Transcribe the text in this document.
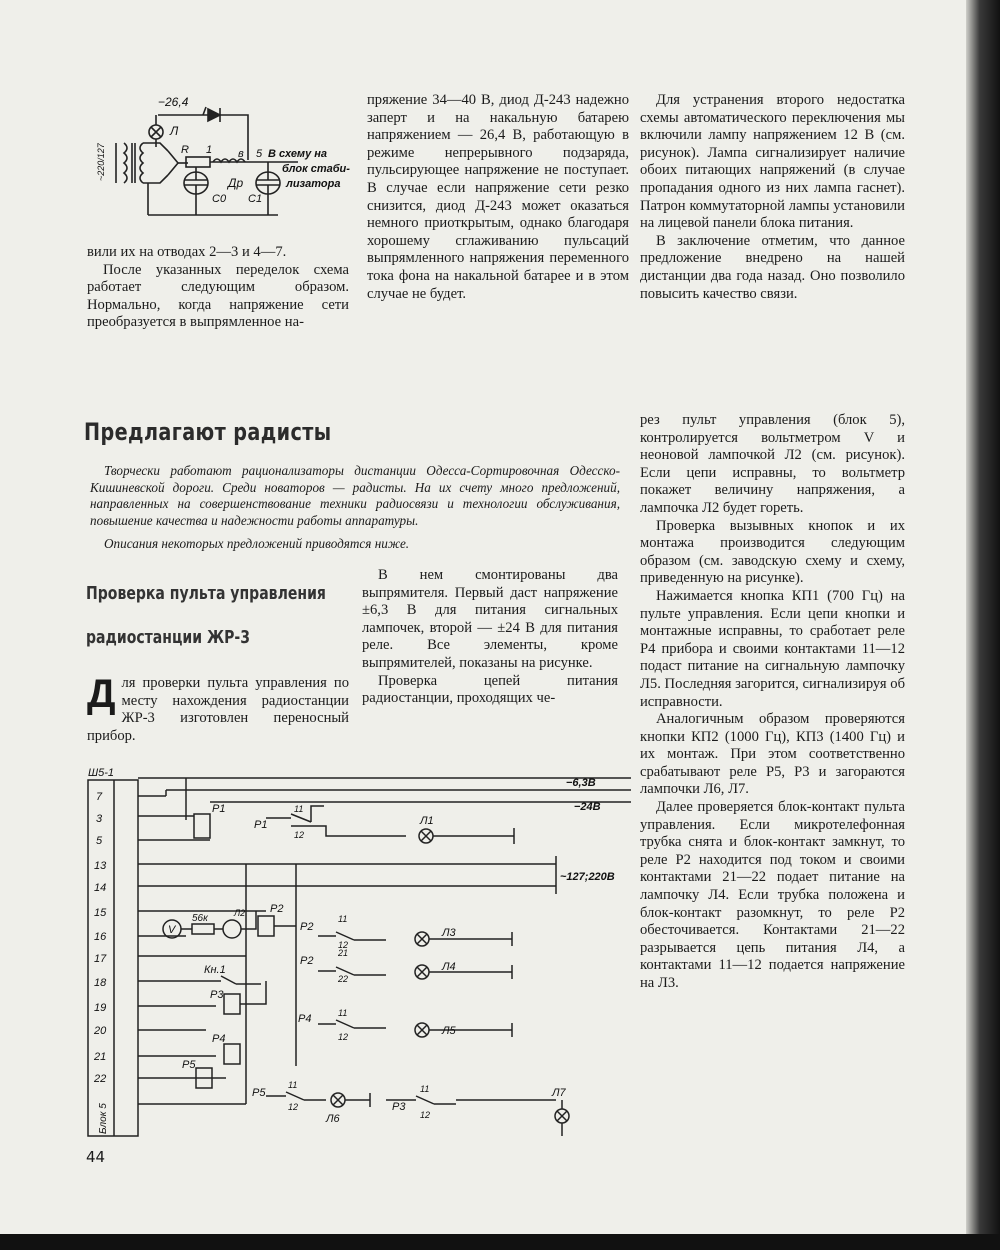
−26,4
Л
R 1 в 5 В схему на
блок стаби-
лизатора
Др
С0 С1
~220/127

вили их на отводах 2—3 и 4—7.

После указанных переделок схема работает следующим образом. Нормально, когда напряжение сети преобразуется в выпрямленное на-

пряжение 34—40 В, диод Д-243 надежно заперт и на накальную батарею напряжением — 26,4 В, работающую в режиме непрерывного подзаряда, пульсирующее напряжение не поступает. В случае если напряжение сети резко снизится, диод Д-243 может оказаться немного приоткрытым, однако благодаря хорошему сглаживанию пульсаций выпрямленного напряжения переменного тока фона на накальной батарее и в этом случае не будет.

Для устранения второго недостатка схемы автоматического переключения мы включили лампу напряжением 12 В (см. рисунок). Лампа сигнализирует наличие обоих питающих напряжений (в случае пропадания одного из них лампа гаснет). Патрон коммутаторной лампы установили на лицевой панели блока питания.

В заключение отметим, что данное предложение внедрено на нашей дистанции два года назад. Оно позволило повысить качество связи.

Предлагают радисты

Творчески работают рационализаторы дистанции Одесса-Сортировочная Одесско-Кишиневской дороги. Среди новаторов — радисты. На их счету много предложений, направленных на совершенствование техники радиосвязи и технологии обслуживания, повышение качества и надежности работы аппаратуры.

Описания некоторых предложений приводятся ниже.

Проверка пульта управления
радиостанции ЖР-3

Для проверки пульта управления по месту нахождения радиостанции ЖР-3 изготовлен переносный прибор.

В нем смонтированы два выпрямителя. Первый даст напряжение ±6,3 В для питания сигнальных лампочек, второй — ±24 В для питания реле. Все элементы, кроме выпрямителей, показаны на рисунке.

Проверка цепей питания радиостанции, проходящих че-

рез пульт управления (блок 5), контролируется вольтметром V и неоновой лампочкой Л2 (см. рисунок). Если цепи исправны, то вольтметр покажет величину напряжения, а лампочка Л2 будет гореть.

Проверка вызывных кнопок и их монтажа производится следующим образом (см. заводскую схему и схему, приведенную на рисунке).

Нажимается кнопка КП1 (700 Гц) на пульте управления. Если цепи кнопки и монтажные исправны, то сработает реле Р4 прибора и своими контактами 11—12 подаст питание на сигнальную лампочку Л5. Последняя загорится, сигнализируя об исправности.

Аналогичным образом проверяются кнопки КП2 (1000 Гц), КП3 (1400 Гц) и их монтаж. При этом соответственно срабатывают реле Р5, Р3 и загораются лампочки Л6, Л7.

Далее проверяется блок-контакт пульта управления. Если микротелефонная трубка снята и блок-контакт замкнут, то реле Р2 находится под током и своими контактами 21—22 подает питание на лампочку Л4. Если трубка положена и блок-контакт разомкнут, то реле Р2 обесточивается. Контактами 21—22 разрывается цепь питания Л4, а контактами 11—12 подается напряжение на Л3.

Ш5-1
7
3
5
13
14
15
16
17
18
19
20
21
22
Блок 5
−6,3В
−24В
~127;220В
Р1
Р1
11
12
Л1
Л2
V
56к
Р2
Р2
11
12
Л3
Р2
21
22
Л4
Кн.1
Р3
Р4	11
12	Л5
Р4
Р5
Р5
11
12
Л6
Р3
11
12
Л7
44
